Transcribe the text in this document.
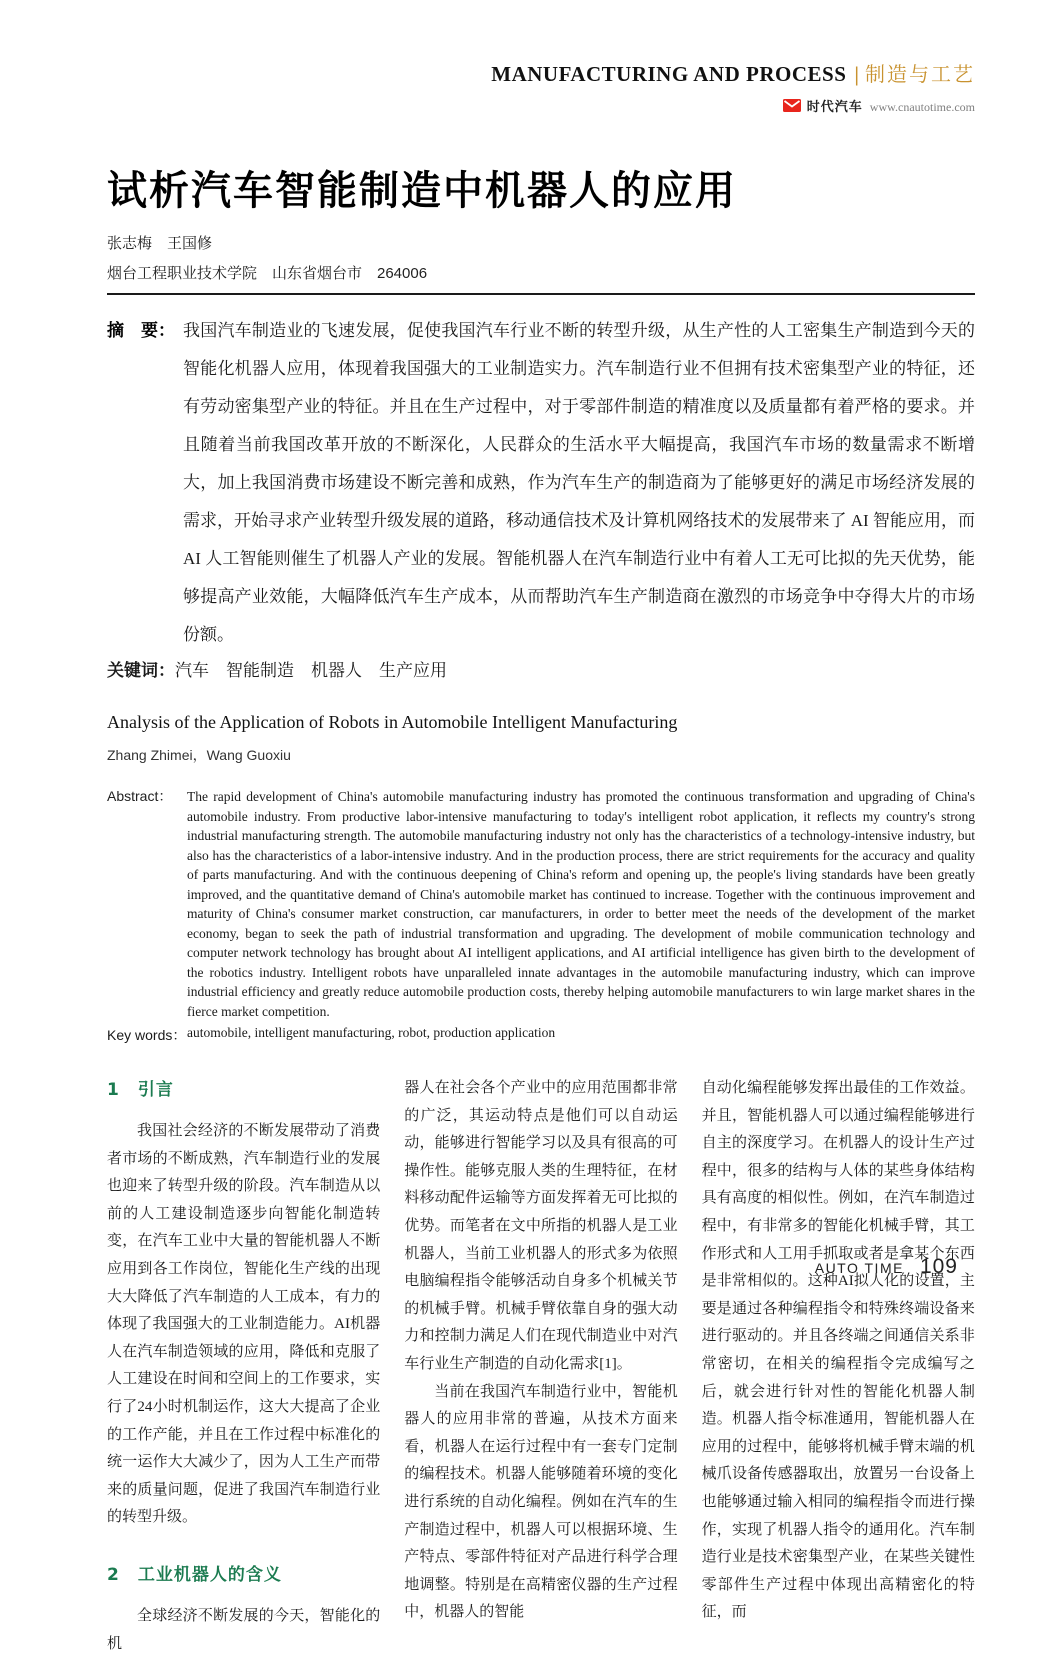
MANUFACTURING AND PROCESS | 制造与工艺
时代汽车 www.cnautotime.com
试析汽车智能制造中机器人的应用
张志梅　王国修
烟台工程职业技术学院　山东省烟台市　264006
摘　要： 我国汽车制造业的飞速发展，促使我国汽车行业不断的转型升级，从生产性的人工密集生产制造到今天的智能化机器人应用，体现着我国强大的工业制造实力。汽车制造行业不但拥有技术密集型产业的特征，还有劳动密集型产业的特征。并且在生产过程中，对于零部件制造的精准度以及质量都有着严格的要求。并且随着当前我国改革开放的不断深化，人民群众的生活水平大幅提高，我国汽车市场的数量需求不断增大，加上我国消费市场建设不断完善和成熟，作为汽车生产的制造商为了能够更好的满足市场经济发展的需求，开始寻求产业转型升级发展的道路，移动通信技术及计算机网络技术的发展带来了 AI 智能应用，而 AI 人工智能则催生了机器人产业的发展。智能机器人在汽车制造行业中有着人工无可比拟的先天优势，能够提高产业效能，大幅降低汽车生产成本，从而帮助汽车生产制造商在激烈的市场竞争中夺得大片的市场份额。
关键词：汽车　智能制造　机器人　生产应用
Analysis of the Application of Robots in Automobile Intelligent Manufacturing
Zhang Zhimei，Wang Guoxiu
Abstract：	The rapid development of China's automobile manufacturing industry has promoted the continuous transformation and upgrading of China's automobile industry. From productive labor-intensive manufacturing to today's intelligent robot application, it reflects my country's strong industrial manufacturing strength. The automobile manufacturing industry not only has the characteristics of a technology-intensive industry, but also has the characteristics of a labor-intensive industry. And in the production process, there are strict requirements for the accuracy and quality of parts manufacturing. And with the continuous deepening of China's reform and opening up, the people's living standards have been greatly improved, and the quantitative demand of China's automobile market has continued to increase. Together with the continuous improvement and maturity of China's consumer market construction, car manufacturers, in order to better meet the needs of the development of the market economy, began to seek the path of industrial transformation and upgrading. The development of mobile communication technology and computer network technology has brought about AI intelligent applications, and AI artificial intelligence has given birth to the development of the robotics industry. Intelligent robots have unparalleled innate advantages in the automobile manufacturing industry, which can improve industrial efficiency and greatly reduce automobile production costs, thereby helping automobile manufacturers to win large market shares in the fierce market competition.
Key words： automobile, intelligent manufacturing, robot, production application
1　引言

我国社会经济的不断发展带动了消费者市场的不断成熟，汽车制造行业的发展也迎来了转型升级的阶段。汽车制造从以前的人工建设制造逐步向智能化制造转变，在汽车工业中大量的智能机器人不断应用到各工作岗位，智能化生产线的出现大大降低了汽车制造的人工成本，有力的体现了我国强大的工业制造能力。AI机器人在汽车制造领域的应用，降低和克服了人工建设在时间和空间上的工作要求，实行了24小时机制运作，这大大提高了企业的工作产能，并且在工作过程中标准化的统一运作大大减少了，因为人工生产而带来的质量问题，促进了我国汽车制造行业的转型升级。

2　工业机器人的含义

全球经济不断发展的今天，智能化的机

器人在社会各个产业中的应用范围都非常的广泛，其运动特点是他们可以自动运动，能够进行智能学习以及具有很高的可操作性。能够克服人类的生理特征，在材料移动配件运输等方面发挥着无可比拟的优势。而笔者在文中所指的机器人是工业机器人，当前工业机器人的形式多为依照电脑编程指令能够活动自身多个机械关节的机械手臂。机械手臂依靠自身的强大动力和控制力满足人们在现代制造业中对汽车行业生产制造的自动化需求[1]。

当前在我国汽车制造行业中，智能机器人的应用非常的普遍，从技术方面来看，机器人在运行过程中有一套专门定制的编程技术。机器人能够随着环境的变化进行系统的自动化编程。例如在汽车的生产制造过程中，机器人可以根据环境、生产特点、零部件特征对产品进行科学合理地调整。特别是在高精密仪器的生产过程中，机器人的智能

自动化编程能够发挥出最佳的工作效益。并且，智能机器人可以通过编程能够进行自主的深度学习。在机器人的设计生产过程中，很多的结构与人体的某些身体结构具有高度的相似性。例如，在汽车制造过程中，有非常多的智能化机械手臂，其工作形式和人工用手抓取或者是拿某个东西是非常相似的。这种AI拟人化的设置，主要是通过各种编程指令和特殊终端设备来进行驱动的。并且各终端之间通信关系非常密切，在相关的编程指令完成编写之后，就会进行针对性的智能化机器人制造。机器人指令标准通用，智能机器人在应用的过程中，能够将机械手臂末端的机械爪设备传感器取出，放置另一台设备上也能够通过输入相同的编程指令而进行操作，实现了机器人指令的通用化。汽车制造行业是技术密集型产业，在某些关键性零部件生产过程中体现出高精密化的特征，而

AUTO TIME 109
